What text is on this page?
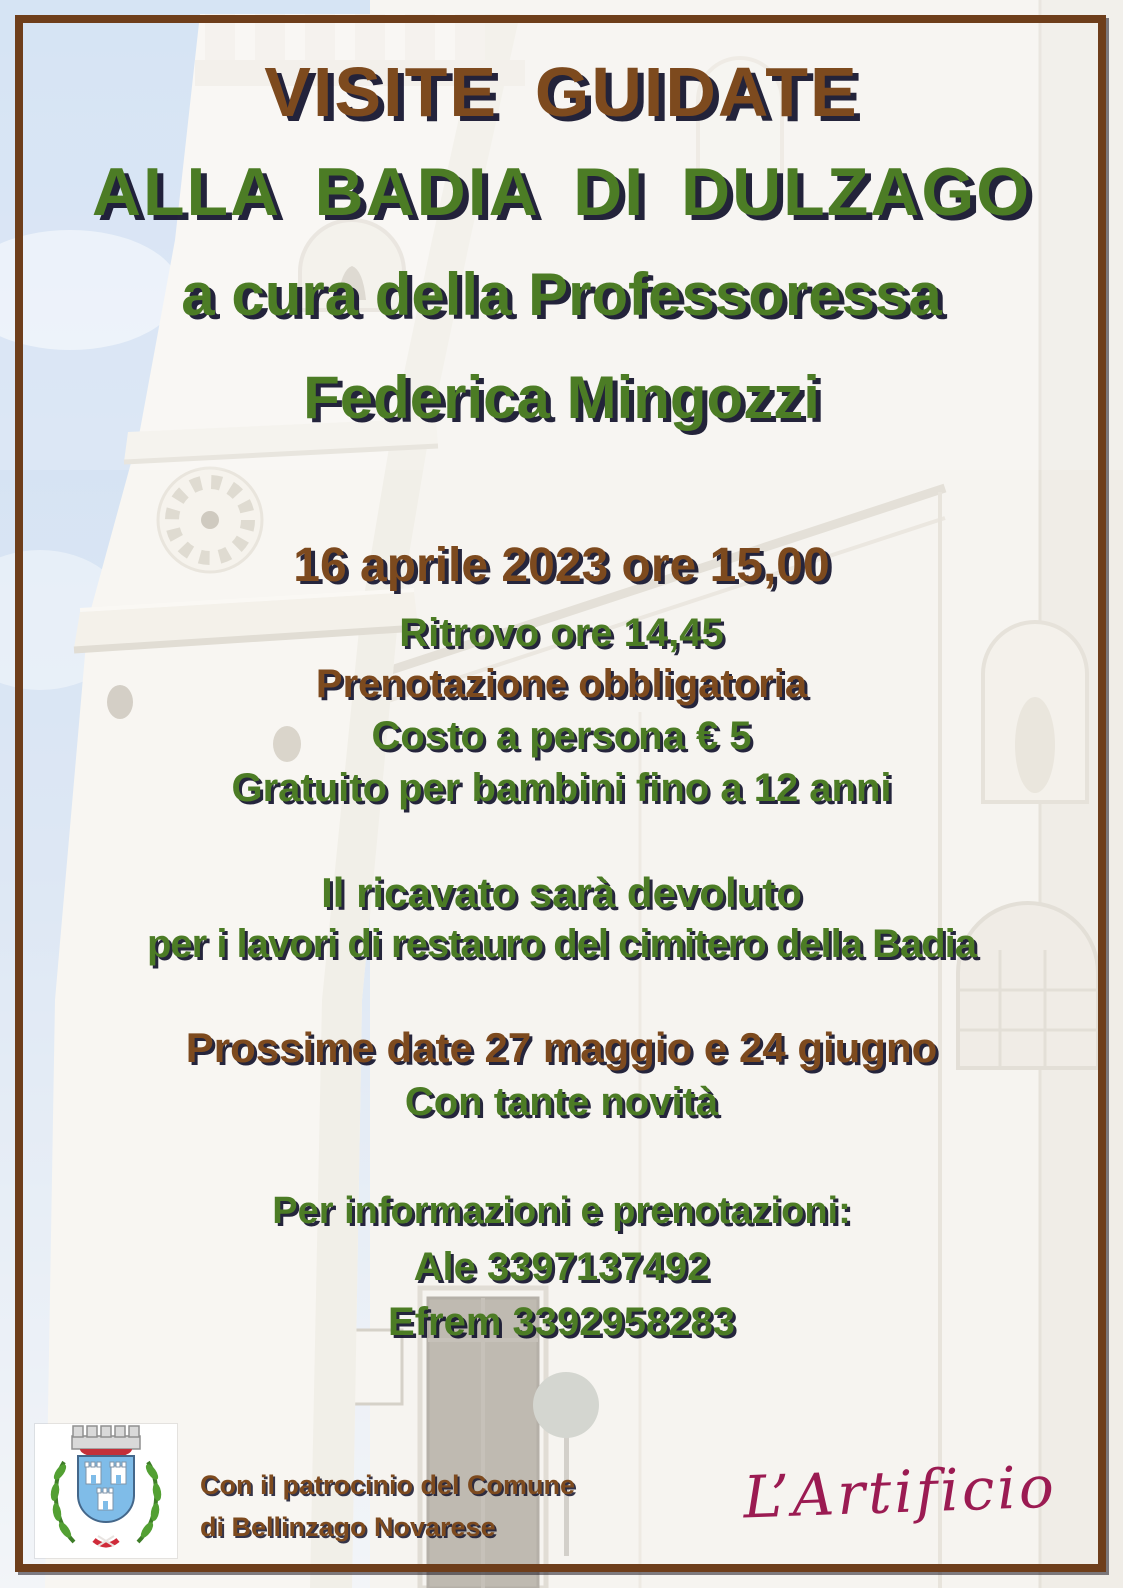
VISITE GUIDATE
ALLA BADIA DI DULZAGO
a cura della Professoressa
Federica Mingozzi
16 aprile 2023 ore 15,00
Ritrovo ore 14,45
Prenotazione obbligatoria
Costo a persona € 5
Gratuito per bambini fino a 12 anni
Il ricavato sarà devoluto
per i lavori di restauro del cimitero della Badia
Prossime date 27 maggio e 24 giugno
Con tante novità
Per informazioni e prenotazioni:
Ale 3397137492
Efrem 3392958283
Con il patrocinio del Comune
di Bellinzago Novarese	L’Artificio
